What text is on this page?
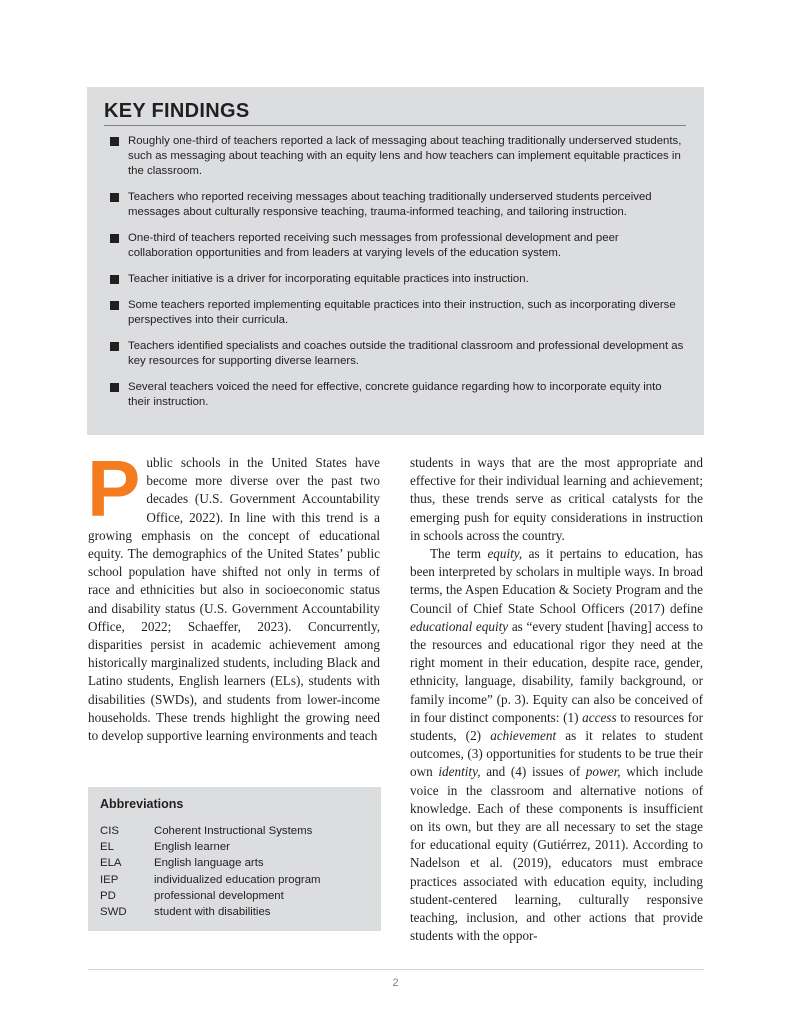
KEY FINDINGS
Roughly one-third of teachers reported a lack of messaging about teaching traditionally underserved students, such as messaging about teaching with an equity lens and how teachers can implement equitable practices in the classroom.
Teachers who reported receiving messages about teaching traditionally underserved students perceived messages about culturally responsive teaching, trauma-informed teaching, and tailoring instruction.
One-third of teachers reported receiving such messages from professional development and peer collaboration opportunities and from leaders at varying levels of the education system.
Teacher initiative is a driver for incorporating equitable practices into instruction.
Some teachers reported implementing equitable practices into their instruction, such as incorporating diverse perspectives into their curricula.
Teachers identified specialists and coaches outside the traditional classroom and professional development as key resources for supporting diverse learners.
Several teachers voiced the need for effective, concrete guidance regarding how to incorporate equity into their instruction.

Public schools in the United States have become more diverse over the past two decades (U.S. Government Accountability Office, 2022). In line with this trend is a growing emphasis on the concept of educational equity. The demographics of the United States’ public school population have shifted not only in terms of race and ethnicities but also in socioeconomic status and disability status (U.S. Government Accountability Office, 2022; Schaeffer, 2023). Concurrently, disparities persist in academic achievement among historically marginalized students, including Black and Latino students, English learners (ELs), students with disabilities (SWDs), and students from lower-income households. These trends highlight the growing need to develop supportive learning environments and teach

students in ways that are the most appropriate and effective for their individual learning and achievement; thus, these trends serve as critical catalysts for the emerging push for equity considerations in instruction in schools across the country.

The term equity, as it pertains to education, has been interpreted by scholars in multiple ways. In broad terms, the Aspen Education & Society Program and the Council of Chief State School Officers (2017) define educational equity as “every student [having] access to the resources and educational rigor they need at the right moment in their education, despite race, gender, ethnicity, language, disability, family background, or family income” (p. 3). Equity can also be conceived of in four distinct components: (1) access to resources for students, (2) achievement as it relates to student outcomes, (3) opportunities for students to be true their own identity, and (4) issues of power, which include voice in the classroom and alternative notions of knowledge. Each of these components is insufficient on its own, but they are all necessary to set the stage for educational equity (Gutiérrez, 2011). According to Nadelson et al. (2019), educators must embrace practices associated with education equity, including student-centered learning, culturally responsive teaching, inclusion, and other actions that provide students with the oppor-

Abbreviations
CIS	Coherent Instructional Systems
EL	English learner
ELA	English language arts
IEP	individualized education program
PD	professional development
SWD	student with disabilities
2
